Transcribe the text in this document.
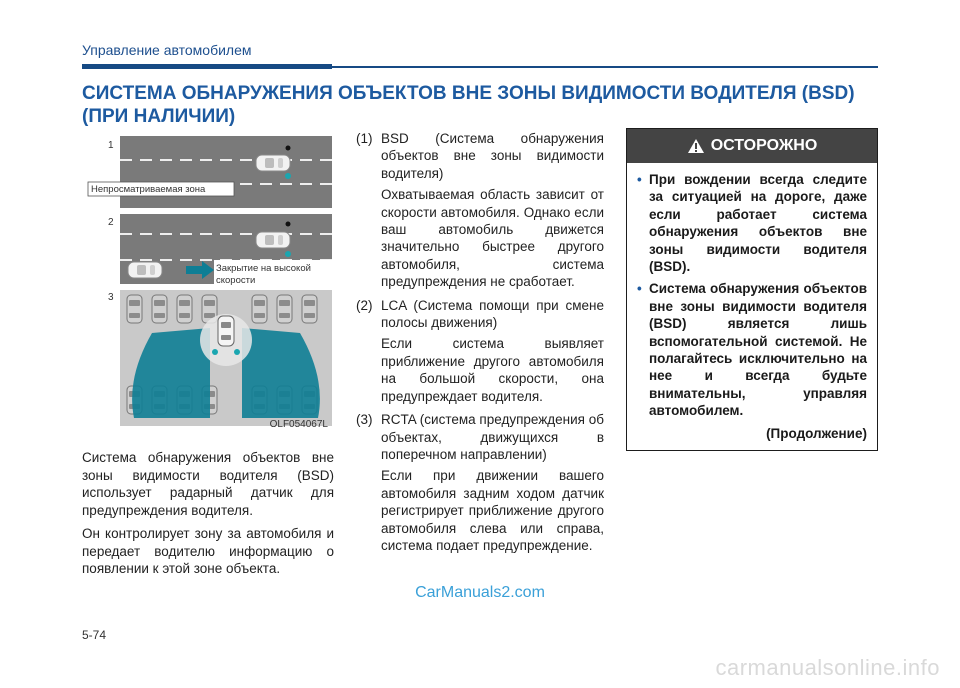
Управление автомобилем
СИСТЕМА ОБНАРУЖЕНИЯ ОБЪЕКТОВ ВНЕ ЗОНЫ ВИДИМОСТИ ВОДИТЕЛЯ (BSD)
(ПРИ НАЛИЧИИ)
1
Непросматриваемая зона
2
Закрытие на высокой
скорости
3
OLF054067L

Система обнаружения объектов вне зоны видимости водителя (BSD) использует радарный датчик для предупреждения водителя.

Он контролирует зону за автомобиля и передает водителю информацию о появлении к этой зоне объекта.

(1) BSD (Система обнаружения объектов вне зоны видимости водителя)
Охватываемая область зависит от скорости автомобиля. Однако если ваш автомобиль движется значительно быстрее другого автомобиля, система предупреждения не сработает.
(2) LCA (Система помощи при смене полосы движения)
Если система выявляет приближение другого автомобиля на большой скорости, она предупреждает водителя.
(3) RCTA (система предупреждения об объектах, движущихся в поперечном направлении)
Если при движении вашего автомобиля задним ходом датчик регистрирует приближение другого автомобиля слева или справа, система подает предупреждение.
ОСТОРОЖНО
• При вождении всегда следите за ситуацией на дороге, даже если работает система обнаружения объектов вне зоны видимости водителя (BSD).
• Система обнаружения объектов вне зоны видимости водителя (BSD) является лишь вспомогательной системой. Не полагайтесь исключительно на нее и всегда будьте внимательны, управляя автомобилем.
(Продолжение)
CarManuals2.com
5-74
carmanualsonline.info
